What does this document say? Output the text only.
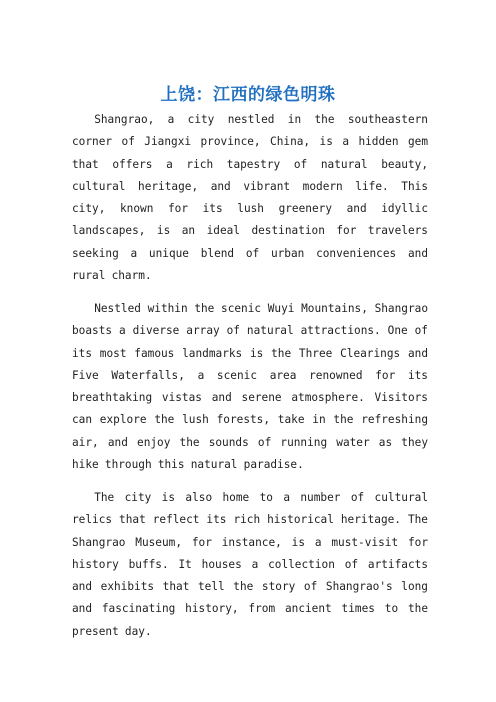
上饶：江西的绿色明珠

Shangrao, a city nestled in the southeastern corner of Jiangxi province, China, is a hidden gem that offers a rich tapestry of natural beauty, cultural heritage, and vibrant modern life. This city, known for its lush greenery and idyllic landscapes, is an ideal destination for travelers seeking a unique blend of urban conveniences and rural charm.

Nestled within the scenic Wuyi Mountains, Shangrao boasts a diverse array of natural attractions. One of its most famous landmarks is the Three Clearings and Five Waterfalls, a scenic area renowned for its breathtaking vistas and serene atmosphere. Visitors can explore the lush forests, take in the refreshing air, and enjoy the sounds of running water as they hike through this natural paradise.

The city is also home to a number of cultural relics that reflect its rich historical heritage. The Shangrao Museum, for instance, is a must-visit for history buffs. It houses a collection of artifacts and exhibits that tell the story of Shangrao's long and fascinating history, from ancient times to the present day.
